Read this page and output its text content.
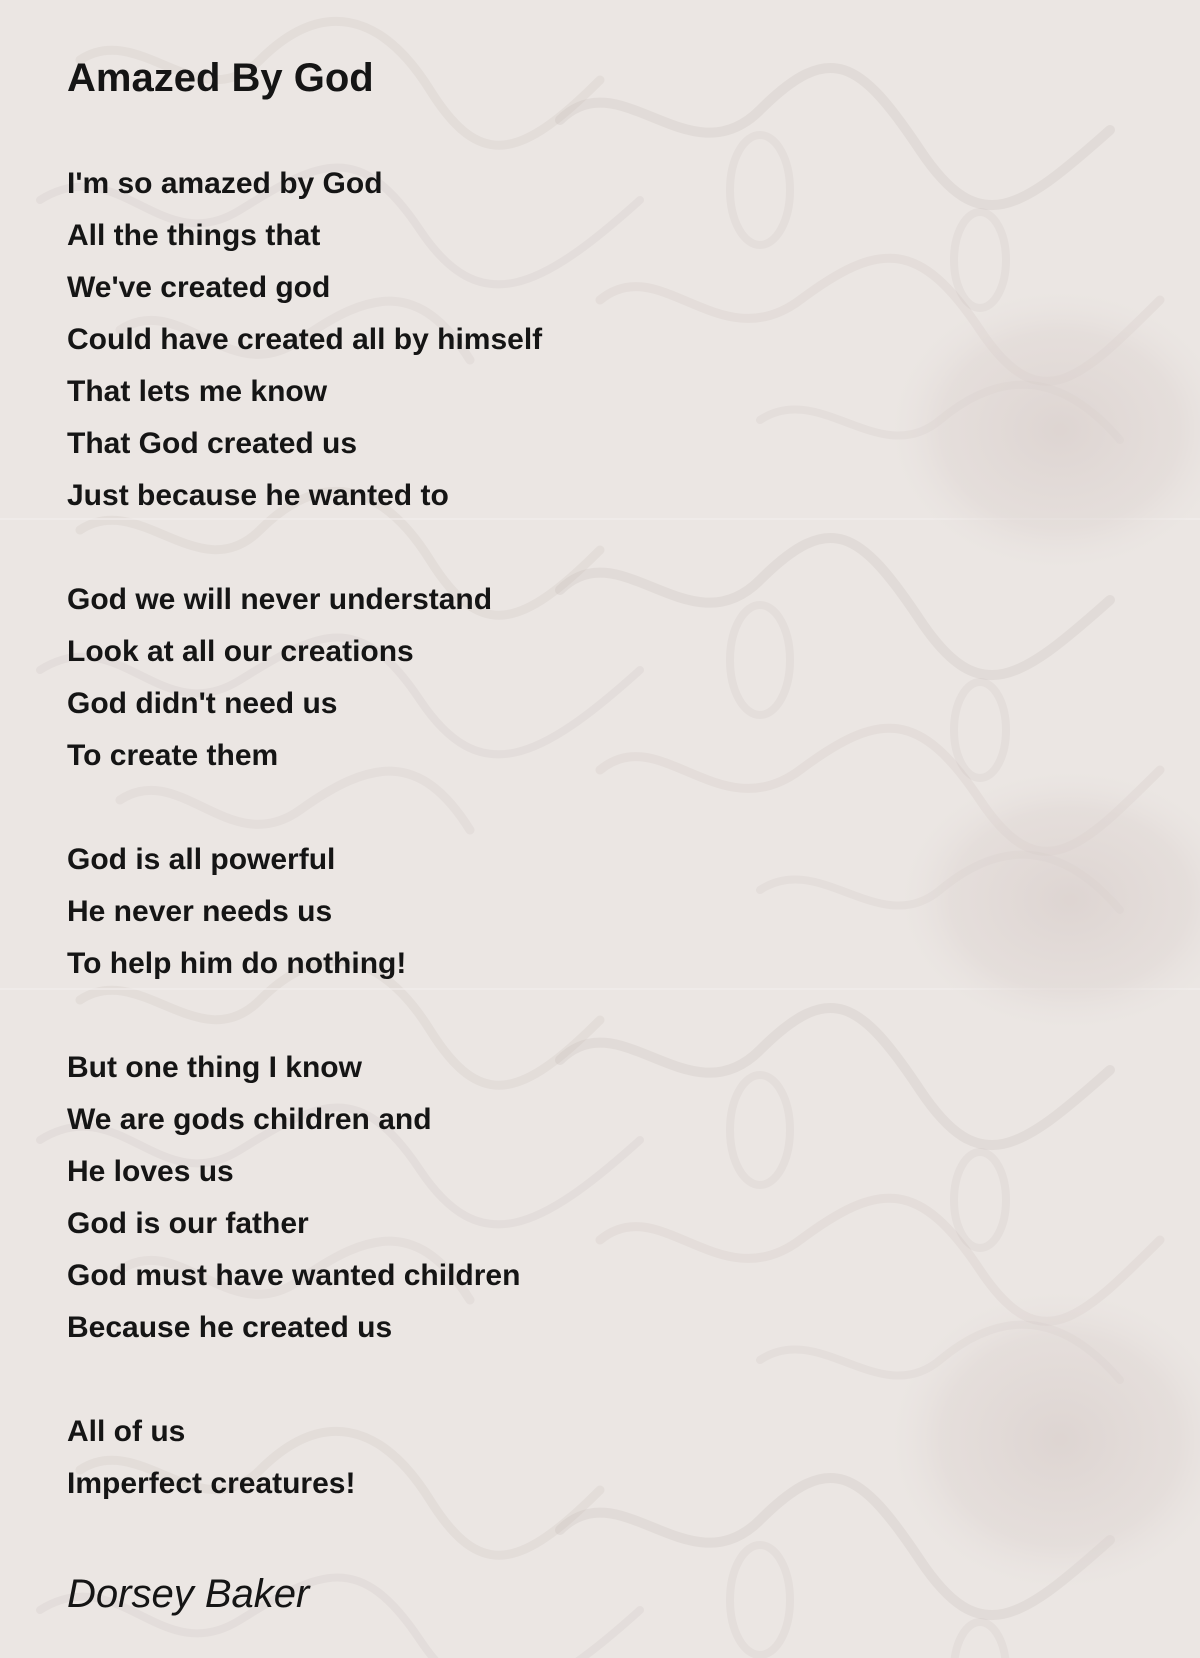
Amazed By God
I'm so amazed by God
All the things that
We've created god
Could have created all by himself
That lets me know
That God created us
Just because he wanted to
God we will never understand
Look at all our creations
God didn't need us
To create them
God is all powerful
He never needs us
To help him do nothing!
But one thing I know
We are gods children and
He loves us
God is our father
God must have wanted children
Because he created us
All of us
Imperfect creatures!
Dorsey Baker
